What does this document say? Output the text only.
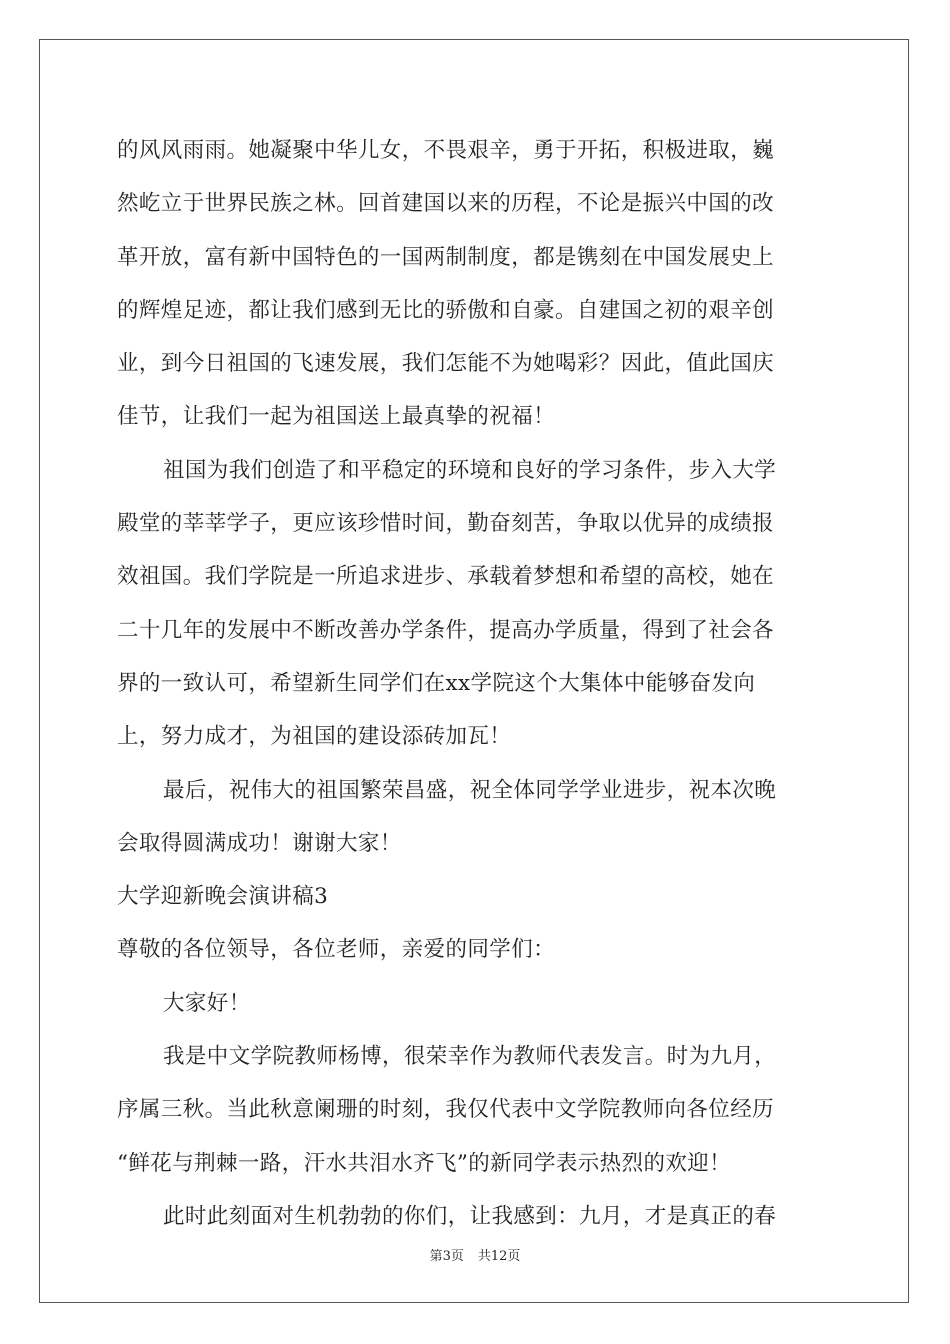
的风风雨雨。她凝聚中华儿女，不畏艰辛，勇于开拓，积极进取，巍
然屹立于世界民族之林。回首建国以来的历程，不论是振兴中国的改
革开放，富有新中国特色的一国两制制度，都是镌刻在中国发展史上
的辉煌足迹，都让我们感到无比的骄傲和自豪。自建国之初的艰辛创
业，到今日祖国的飞速发展，我们怎能不为她喝彩？因此，值此国庆
佳节，让我们一起为祖国送上最真挚的祝福！
祖国为我们创造了和平稳定的环境和良好的学习条件，步入大学
殿堂的莘莘学子，更应该珍惜时间，勤奋刻苦，争取以优异的成绩报
效祖国。我们学院是一所追求进步、承载着梦想和希望的高校，她在
二十几年的发展中不断改善办学条件，提高办学质量，得到了社会各
界的一致认可，希望新生同学们在xx学院这个大集体中能够奋发向
上，努力成才，为祖国的建设添砖加瓦！
最后，祝伟大的祖国繁荣昌盛，祝全体同学学业进步，祝本次晚
会取得圆满成功！谢谢大家！
大学迎新晚会演讲稿3
尊敬的各位领导，各位老师，亲爱的同学们：
大家好！
我是中文学院教师杨博，很荣幸作为教师代表发言。时为九月，
序属三秋。当此秋意阑珊的时刻，我仅代表中文学院教师向各位经历
“鲜花与荆棘一路，汗水共泪水齐飞”的新同学表示热烈的欢迎！
此时此刻面对生机勃勃的你们，让我感到：九月，才是真正的春
第3页 共12页
